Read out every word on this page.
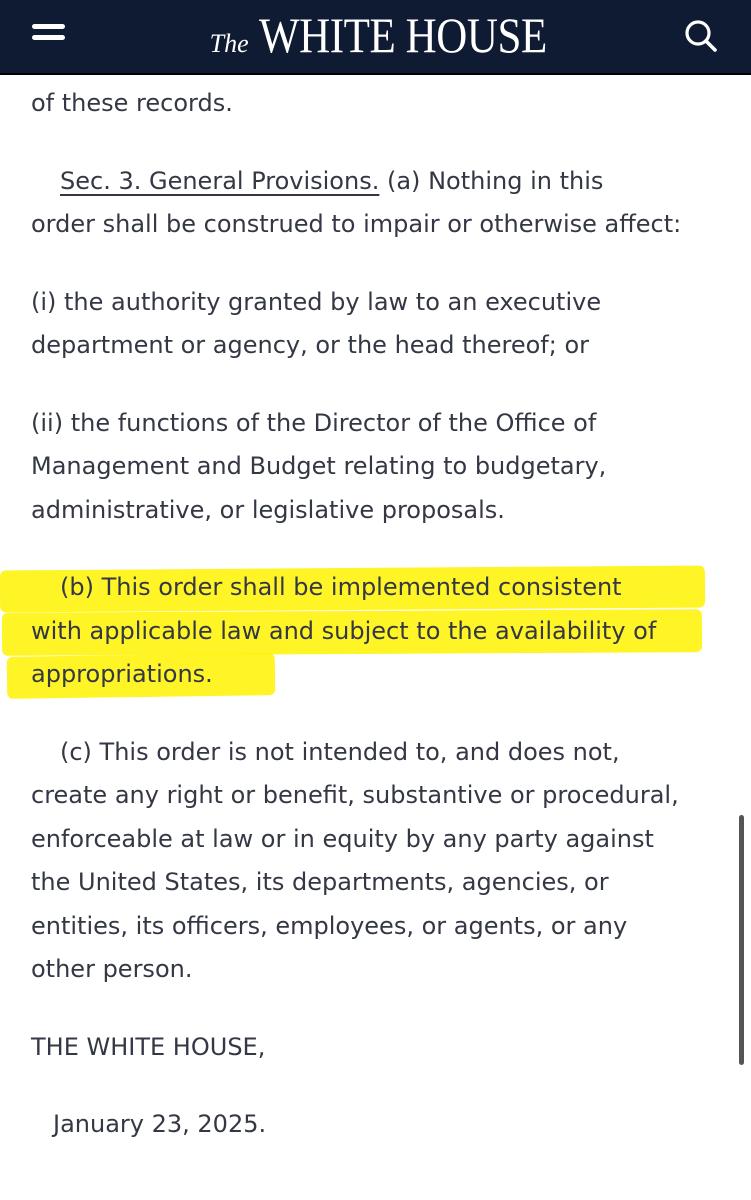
The WHITE HOUSE

of these records.

Sec. 3. General Provisions. (a) Nothing in this

order shall be construed to impair or otherwise affect:

(i) the authority granted by law to an executive

department or agency, or the head thereof; or

(ii) the functions of the Director of the Office of

Management and Budget relating to budgetary,

administrative, or legislative proposals.

(b) This order shall be implemented consistent

with applicable law and subject to the availability of

appropriations.

(c) This order is not intended to, and does not,

create any right or benefit, substantive or procedural,

enforceable at law or in equity by any party against

the United States, its departments, agencies, or

entities, its officers, employees, or agents, or any

other person.

THE WHITE HOUSE,

January 23, 2025.
